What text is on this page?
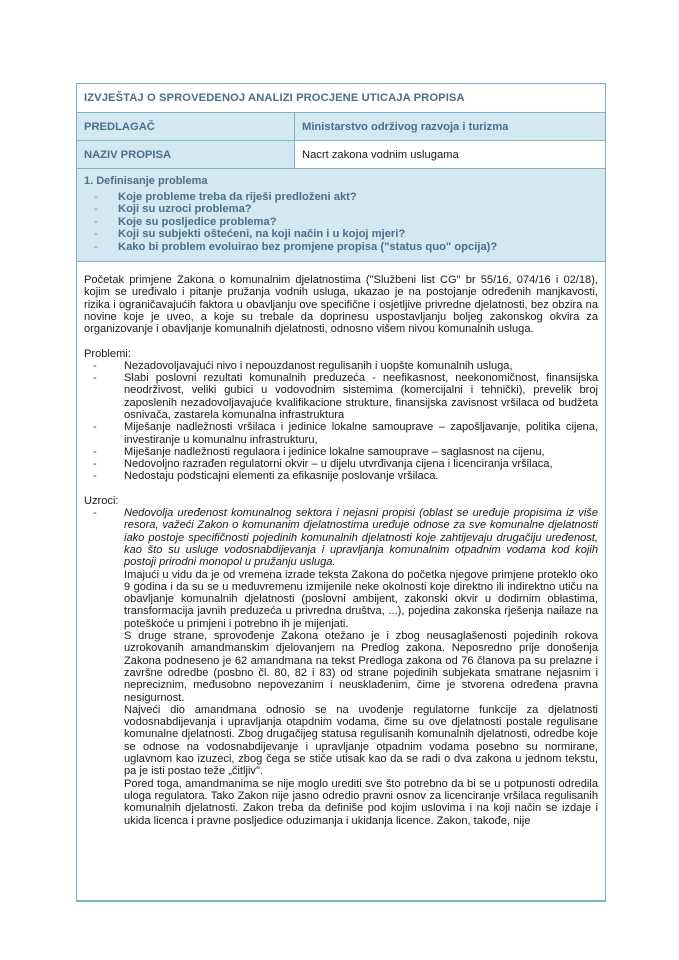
IZVJEŠTAJ O SPROVEDENOJ ANALIZI PROCJENE UTICAJA PROPISA
PREDLAGAČ	Ministarstvo održivog razvoja i turizma
NAZIV PROPISA	Nacrt zakona vodnim uslugama
1. Definisanje problema
-	Koje probleme treba da riješi predloženi akt?
-	Koji su uzroci problema?
-	Koje su posljedice problema?
-	Koji su subjekti oštećeni, na koji način i u kojoj mjeri?
-	Kako bi problem evoluirao bez promjene propisa ("status quo" opcija)?

Početak primjene Zakona o komunalnim djelatnostima ("Službeni list CG" br 55/16, 074/16 i 02/18), kojim se uređivalo i pitanje pružanja vodnih usluga, ukazao je na postojanje određenih manjkavosti, rizika i ograničavajućih faktora u obavljanju ove specifične i osjetljive privredne djelatnosti, bez obzira na novine koje je uveo, a koje su trebale da doprinesu uspostavljanju boljeg zakonskog okvira za organizovanje i obavljanje komunalnih djelatnosti, odnosno višem nivou komunalnih usluga.

Problemi:

-	Nezadovoljavajući nivo i nepouzdanost regulisanih i uopšte komunalnih usluga,
-	Slabi poslovni rezultati komunalnih preduzeća - neefikasnost, neekonomičnost, finansijska neodrživost, veliki gubici u vodovodnim sistemima (komercijalni i tehnički), prevelik broj zaposlenih nezadovoljavajuće kvalifikacione strukture, finansijska zavisnost vršilaca od budžeta osnivača, zastarela komunalna infrastruktura
-	Miješanje nadležnosti vršilaca i jedinice lokalne samouprave – zapošljavanje, politika cijena, investiranje u komunalnu infrastrukturu,
-	Miješanje nadležnosti regulaora i jedinice lokalne samouprave – saglasnost na cijenu,
-	Nedovoljno razrađen regulatorni okvir – u dijelu utvrđivanja cijena i licenciranja vršilaca,
-	Nedostaju podsticajni elementi za efikasnije poslovanje vršilaca.

Uzroci:

-	Nedovolja uređenost komunalnog sektora i nejasni propisi (oblast se uređuje propisima iz više resora, važeći Zakon o komunanim djelatnostima uređuje odnose za sve komunalne djelatnosti iako postoje specifičnosti pojedinih komunalnih djelatnosti koje zahtijevaju drugačiju uređenost, kao što su usluge vodosnabdijevanja i upravljanja komunalnim otpadnim vodama kod kojih postoji prirodni monopol u pružanju usluga.

Imajući u vidu da je od vremena izrade teksta Zakona do početka njegove primjene proteklo oko 9 godina i da su se u međuvremenu izmijenile neke okolnosti koje direktno ili indirektno utiču na obavljanje komunalnih djelatnosti (poslovni ambijent, zakonski okvir u dodirnim oblastima, transformacija javnih preduzeća u privredna društva, ...), pojedina zakonska rješenja nailaze na poteškoće u primjeni i potrebno ih je mijenjati.

S druge strane, sprovođenje Zakona otežano je i zbog neusaglašenosti pojedinih rokova uzrokovanih amandmanskim djelovanjem na Predlog zakona. Neposredno prije donošenja Zakona podneseno je 62 amandmana na tekst Predloga zakona od 76 članova pa su prelazne i završne odredbe (posbno čl. 80, 82 i 83) od strane pojedinih subjekata smatrane nejasnim i nepreciznim, međusobno nepovezanim i neusklađenim, čime je stvorena određena pravna nesigurnost.

Najveći dio amandmana odnosio se na uvođenje regulatorne funkcije za djelatnosti vodosnabdijevanja i upravljanja otapdnim vodama, čime su ove djelatnosti postale regulisane komunalne djelatnosti. Zbog drugačijeg statusa regulisanih komunalnih djelatnosti, odredbe koje se odnose na vodosnabdijevanje i upravljanje otpadnim vodama posebno su normirane, uglavnom kao izuzeci, zbog čega se stiče utisak kao da se radi o dva zakona u jednom tekstu, pa je isti postao teže „čitljiv".

Pored toga, amandmanima se nije moglo urediti sve što potrebno da bi se u potpunosti odredila uloga regulatora. Tako Zakon nije jasno odredio pravni osnov za licenciranje vršilaca regulisanih komunalnih djelatnosti. Zakon treba da definiše pod kojim uslovima i na koji način se izdaje i ukida licenca i pravne posljedice oduzimanja i ukidanja licence. Zakon, takođe, nije
